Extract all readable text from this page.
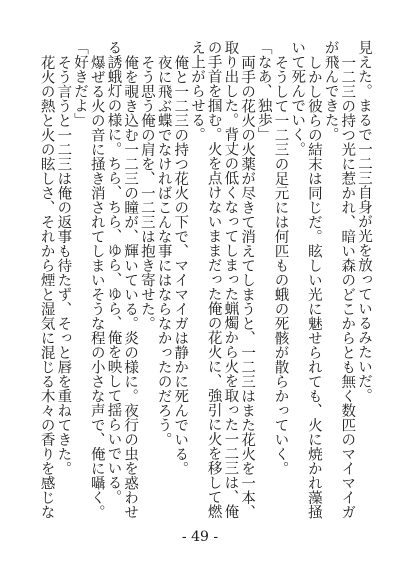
見えた。まるで一二三自身が光を放っているみたいだ。
一二三の持つ光に惹かれ、暗い森のどこからとも無く数匹のマイマイガ
が飛んできた。
しかし彼らの結末は同じだ。眩しい光に魅せられても、火に焼かれ藻掻
いて死んでいく。
そうして一二三の足元には何匹もの蛾の死骸が散らかっていく。
「なあ、独歩」
両手の花火の火薬が尽きて消えてしまうと、一二三はまた花火を一本、
取り出した。背丈の低くなってしまった蝋燭から火を取った一二三は、俺
の手首を掴む。火を点けないままだった俺の花火に、強引に火を移して燃
え上がらせる。
俺と一二三の持つ花火の下で、マイマイガは静かに死んでいる。
夜に飛ぶ蝶でなければこんな事にはならなかったのだろう。
そう思う俺の肩を、一二三は抱き寄せた。
俺を覗き込む一二三の瞳が、輝いている。炎の様に。夜行の虫を惑わせ
る誘蛾灯の様に。ちら、ちら、ゆら、ゆら、俺を映して揺らいでいる。
爆ぜる火の音に掻き消されてしまいそうな程の小さな声で、俺に囁く。
「好きだよ」
そう言うと一二三は俺の返事も待たず、そっと唇を重ねてきた。
花火の熱と火の眩しさ、それから煙と湿気に混じる木々の香りを感じな
- 49 -
